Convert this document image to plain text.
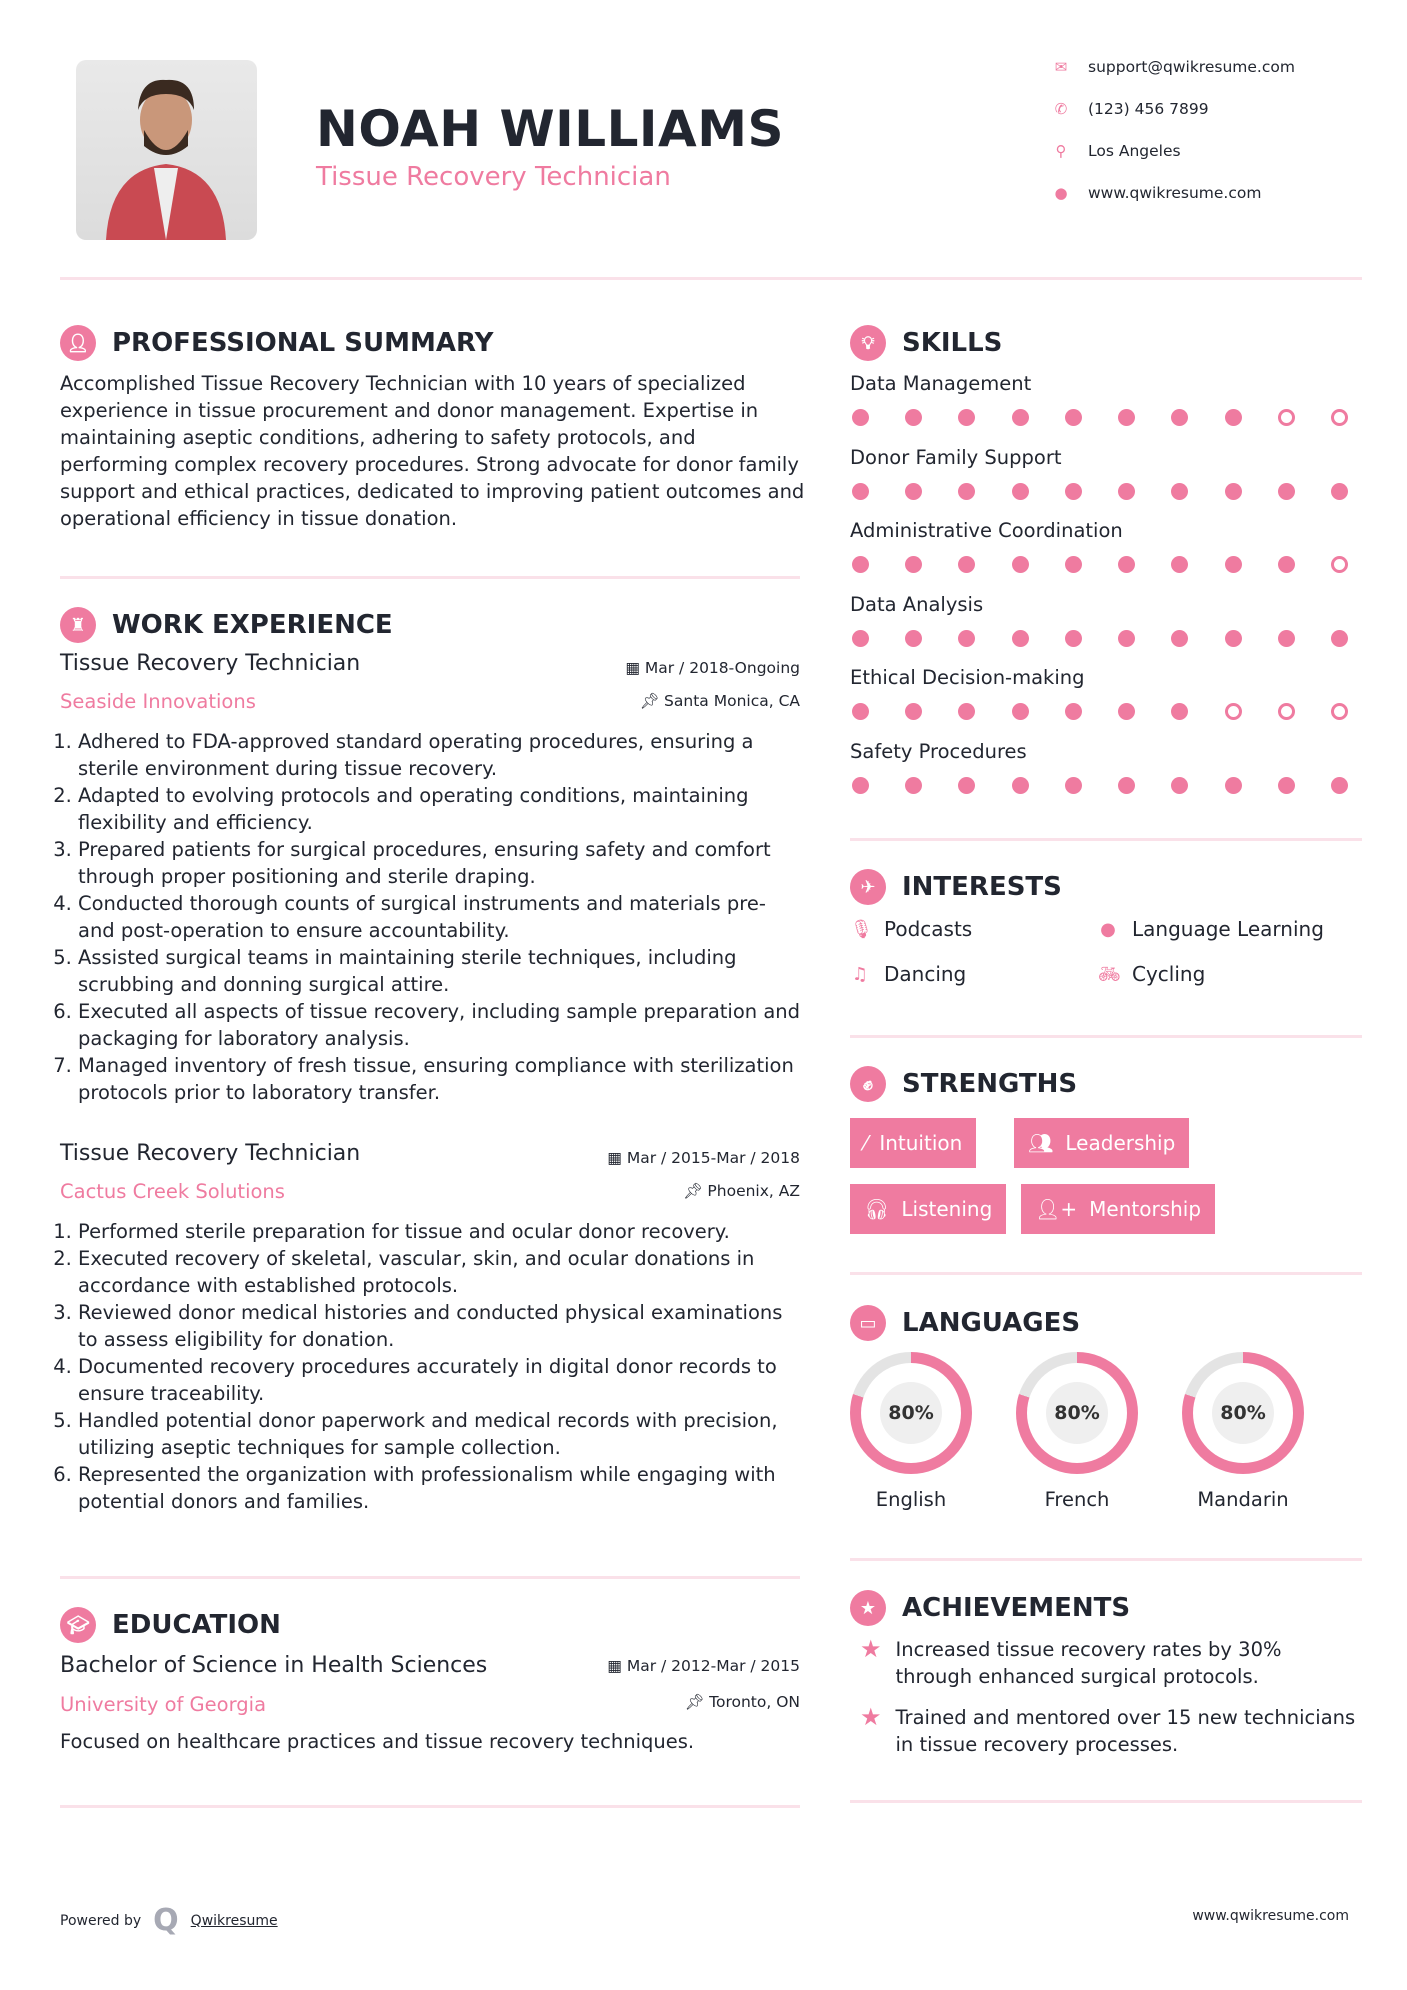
NOAH WILLIAMS
Tissue Recovery Technician
✉ support@qwikresume.com
✆ (123) 456 7899
⚲ Los Angeles
● www.qwikresume.com
👤︎ PROFESSIONAL SUMMARY
Accomplished Tissue Recovery Technician with 10 years of specialized experience in tissue procurement and donor management. Expertise in maintaining aseptic conditions, adhering to safety protocols, and performing complex recovery procedures. Strong advocate for donor family support and ethical practices, dedicated to improving patient outcomes and operational efficiency in tissue donation.
♜ WORK EXPERIENCE
Tissue Recovery Technician	▦ Mar / 2018-Ongoing
Seaside Innovations	📌︎ Santa Monica, CA
1. Adhered to FDA-approved standard operating procedures, ensuring a sterile environment during tissue recovery.
2. Adapted to evolving protocols and operating conditions, maintaining flexibility and efficiency.
3. Prepared patients for surgical procedures, ensuring safety and comfort through proper positioning and sterile draping.
4. Conducted thorough counts of surgical instruments and materials pre- and post-operation to ensure accountability.
5. Assisted surgical teams in maintaining sterile techniques, including scrubbing and donning surgical attire.
6. Executed all aspects of tissue recovery, including sample preparation and packaging for laboratory analysis.
7. Managed inventory of fresh tissue, ensuring compliance with sterilization protocols prior to laboratory transfer.
Tissue Recovery Technician	▦ Mar / 2015-Mar / 2018
Cactus Creek Solutions	📌︎ Phoenix, AZ
1. Performed sterile preparation for tissue and ocular donor recovery.
2. Executed recovery of skeletal, vascular, skin, and ocular donations in accordance with established protocols.
3. Reviewed donor medical histories and conducted physical examinations to assess eligibility for donation.
4. Documented recovery procedures accurately in digital donor records to ensure traceability.
5. Handled potential donor paperwork and medical records with precision, utilizing aseptic techniques for sample collection.
6. Represented the organization with professionalism while engaging with potential donors and families.
🎓︎ EDUCATION
Bachelor of Science in Health Sciences	▦ Mar / 2012-Mar / 2015
University of Georgia	📌︎ Toronto, ON
Focused on healthcare practices and tissue recovery techniques.
💡︎	SKILLS
Data Management
Donor Family Support
Administrative Coordination
Data Analysis
Ethical Decision-making
Safety Procedures
✈	INTERESTS
🎙︎ Podcasts	● Language Learning
♫ Dancing	🚲︎ Cycling
✊︎	STRENGTHS
⁄ Intuition	👥︎ Leadership
🎧︎ Listening 👤︎+ Mentorship
▭ LANGUAGES
80%
English
80%
French
80%
Mandarin
★ ACHIEVEMENTS
★ Increased tissue recovery rates by 30% through enhanced surgical protocols.
★ Trained and mentored over 15 new technicians in tissue recovery processes.
Powered by Q Qwikresume	www.qwikresume.com
